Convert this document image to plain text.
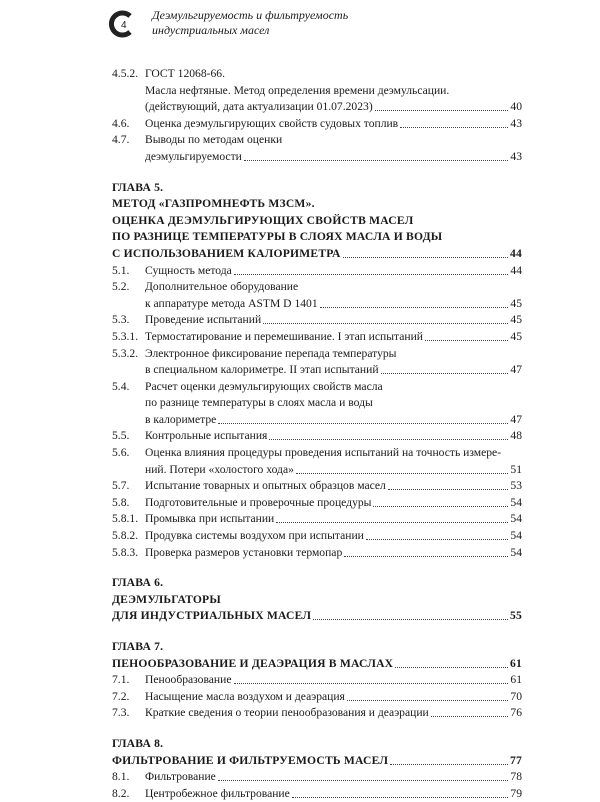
4
Деэмульгируемость и фильтруемость
индустриальных масел
4.5.2. ГОСТ 12068-66.
Масла нефтяные. Метод определения времени деэмульсации.
(действующий, дата актуализации 01.07.2023)	40
4.6. Оценка деэмульгирующих свойств судовых топлив	43
4.7. Выводы по методам оценки
деэмульгируемости	43
ГЛАВА 5.
МЕТОД «ГАЗПРОМНЕФТЬ МЗСМ».
ОЦЕНКА ДЕЭМУЛЬГИРУЮЩИХ СВОЙСТВ МАСЕЛ
ПО РАЗНИЦЕ ТЕМПЕРАТУРЫ В СЛОЯХ МАСЛА И ВОДЫ
С ИСПОЛЬЗОВАНИЕМ КАЛОРИМЕТРА	44
5.1. Сущность метода	44
5.2. Дополнительное оборудование
к аппаратуре метода ASTM D 1401	45
5.3. Проведение испытаний	45
5.3.1. Термостатирование и перемешивание. I этап испытаний	45
5.3.2. Электронное фиксирование перепада температуры
в специальном калориметре. II этап испытаний	47
5.4. Расчет оценки деэмульгирующих свойств масла
по разнице температуры в слоях масла и воды
в калориметре	47
5.5. Контрольные испытания	48
5.6. Оценка влияния процедуры проведения испытаний на точность измере-
ний. Потери «холостого хода»	51
5.7. Испытание товарных и опытных образцов масел	53
5.8. Подготовительные и проверочные процедуры	54
5.8.1. Промывка при испытании	54
5.8.2. Продувка системы воздухом при испытании	54
5.8.3. Проверка размеров установки термопар	54
ГЛАВА 6.
ДЕЭМУЛЬГАТОРЫ
ДЛЯ ИНДУСТРИАЛЬНЫХ МАСЕЛ	55
ГЛАВА 7.
ПЕНООБРАЗОВАНИЕ И ДЕАЭРАЦИЯ В МАСЛАХ	61
7.1. Пенообразование	61
7.2. Насыщение масла воздухом и деаэрация	70
7.3. Краткие сведения о теории пенообразования и деаэрации	76
ГЛАВА 8.
ФИЛЬТРОВАНИЕ И ФИЛЬТРУЕМОСТЬ МАСЕЛ	77
8.1. Фильтрование	78
8.2. Центробежное фильтрование	79
